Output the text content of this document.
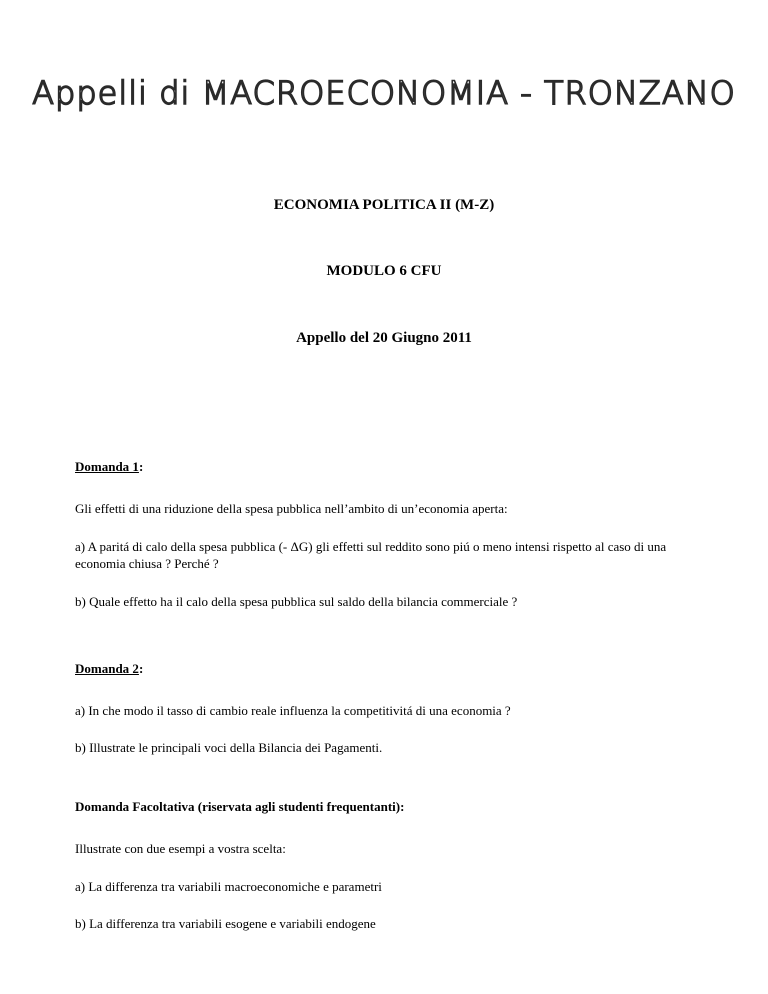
Appelli di MACROECONOMIA - TRONZANO
ECONOMIA POLITICA II (M-Z)
MODULO 6 CFU
Appello del 20 Giugno 2011
Domanda 1:
Gli effetti di una riduzione della spesa pubblica nell’ambito di un’economia aperta:
a) A paritá di calo della spesa pubblica (- ΔG) gli effetti sul reddito sono piú o meno intensi rispetto al caso di una economia chiusa ? Perché ?
b) Quale effetto ha il calo della spesa pubblica sul saldo della bilancia commerciale ?
Domanda 2:
a) In che modo il tasso di cambio reale influenza la competitivitá di una economia ?
b) Illustrate le principali voci della Bilancia dei Pagamenti.
Domanda Facoltativa (riservata agli studenti frequentanti):
Illustrate con due esempi a vostra scelta:
a) La differenza tra variabili macroeconomiche e parametri
b) La differenza tra variabili esogene e variabili endogene
